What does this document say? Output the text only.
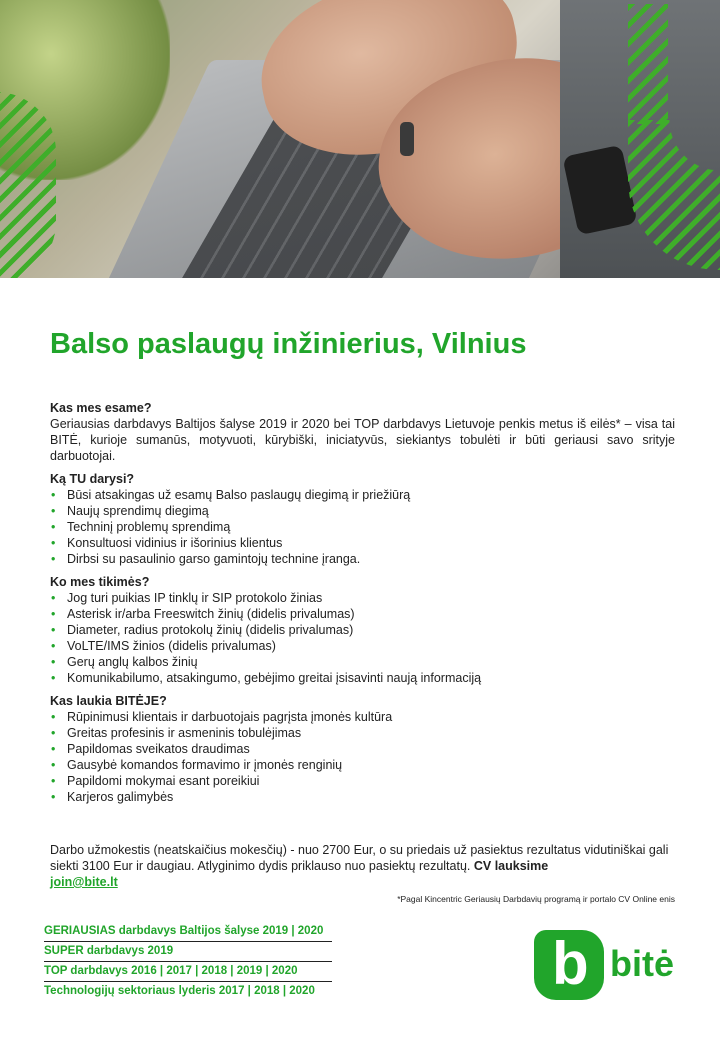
Balso paslaugų inžinierius, Vilnius
Kas mes esame?

Geriausias darbdavys Baltijos šalyse 2019 ir 2020 bei TOP darbdavys Lietuvoje penkis metus iš eilės* – visa tai BITĖ, kurioje sumanūs, motyvuoti, kūrybiški, iniciatyvūs, siekiantys tobulėti ir būti geriausi savo srityje darbuotojai.

Ką TU darysi?
• Būsi atsakingas už esamų Balso paslaugų diegimą ir priežiūrą
• Naujų sprendimų diegimą
• Techninį problemų sprendimą
• Konsultuosi vidinius ir išorinius klientus
• Dirbsi su pasaulinio garso gamintojų technine įranga.
Ko mes tikimės?
• Jog turi puikias IP tinklų ir SIP protokolo žinias
• Asterisk ir/arba Freeswitch žinių (didelis privalumas)
• Diameter, radius protokolų žinių (didelis privalumas)
• VoLTE/IMS žinios (didelis privalumas)
• Gerų anglų kalbos žinių
• Komunikabilumo, atsakingumo, gebėjimo greitai įsisavinti naują informaciją
Kas laukia BITĖJE?
• Rūpinimusi klientais ir darbuotojais pagrįsta įmonės kultūra
• Greitas profesinis ir asmeninis tobulėjimas
• Papildomas sveikatos draudimas
• Gausybė komandos formavimo ir įmonės renginių
• Papildomi mokymai esant poreikiui
• Karjeros galimybės
Darbo užmokestis (neatskaičius mokesčių) - nuo 2700 Eur, o su priedais už pasiektus rezultatus vidutiniškai gali siekti 3100 Eur ir daugiau. Atlyginimo dydis priklauso nuo pasiektų rezultatų. CV lauksime
join@bite.lt
*Pagal Kincentric Geriausių Darbdavių programą ir portalo CV Online enis
GERIAUSIAS darbdavys Baltijos šalyse 2019 | 2020
SUPER darbdavys 2019
TOP darbdavys 2016 | 2017 | 2018 | 2019 | 2020
Technologijų sektoriaus lyderis 2017 | 2018 | 2020	b bitė
